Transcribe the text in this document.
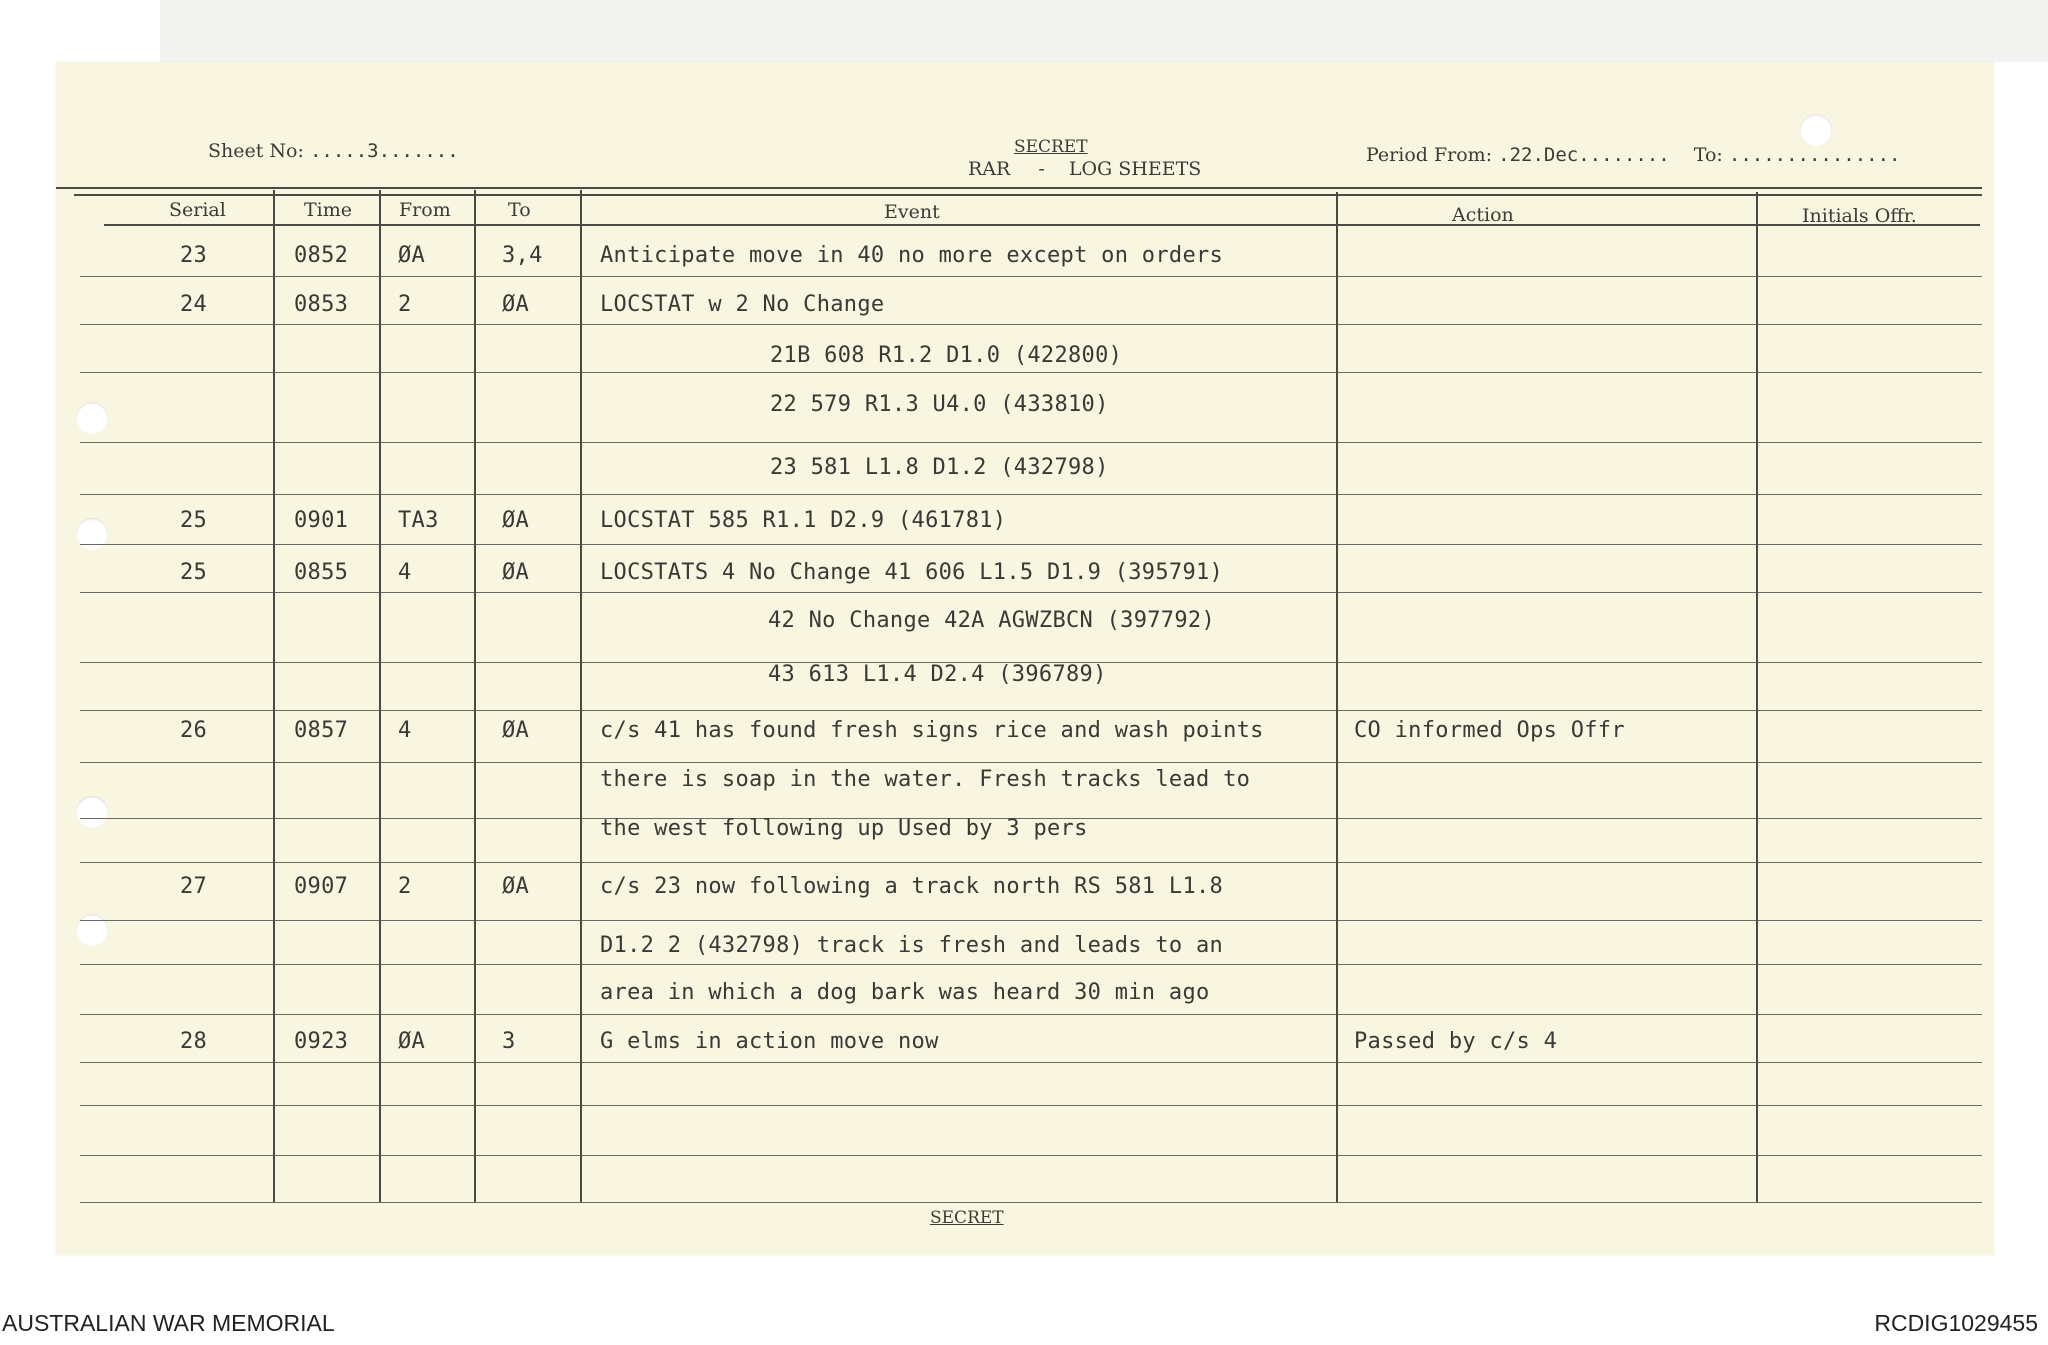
Sheet No: .....3.......	SECRET
RAR - LOG SHEETS
Period From: .22.Dec........ To: ...............
Serial	Time From	To	Event	Action	Initials Offr.
23	0852 ØA	3,4	Anticipate move in 40 no more except on orders
24	0853 2	ØA	LOCSTAT w 2 No Change
21B 608 R1.2 D1.0 (422800)
22 579 R1.3 U4.0 (433810)
23 581 L1.8 D1.2 (432798)
25	0901 TA3	ØA	LOCSTAT 585 R1.1 D2.9 (461781)
25	0855 4	ØA	LOCSTATS 4 No Change 41 606 L1.5 D1.9 (395791)
42 No Change 42A AGWZBCN (397792)
43 613 L1.4 D2.4 (396789)
26	0857 4	ØA	c/s 41 has found fresh signs rice and wash points	CO informed Ops Offr
there is soap in the water. Fresh tracks lead to
the west following up Used by 3 pers
27	0907 2	ØA	c/s 23 now following a track north RS 581 L1.8
D1.2 2 (432798) track is fresh and leads to an
area in which a dog bark was heard 30 min ago
28	0923 ØA	3	G elms in action move now	Passed by c/s 4
SECRET
AUSTRALIAN WAR MEMORIAL	RCDIG1029455
